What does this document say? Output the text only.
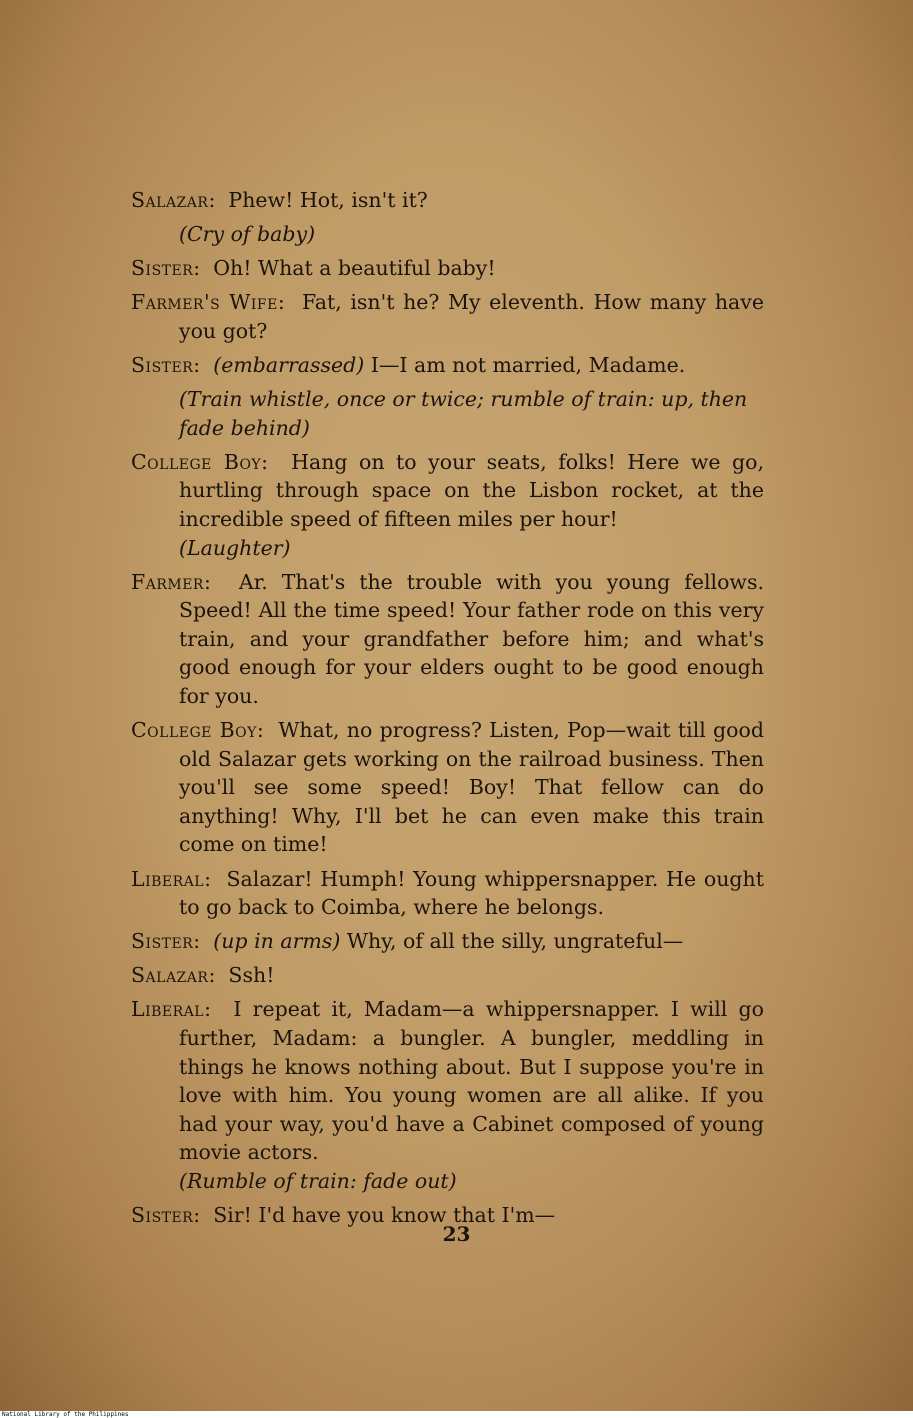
Salazar: Phew! Hot, isn't it?

(Cry of baby)

Sister: Oh! What a beautiful baby!

Farmer's Wife: Fat, isn't he? My eleventh. How many have you got?

Sister: (embarrassed) I—I am not married, Madame.

(Train whistle, once or twice; rumble of train: up, then fade behind)

College Boy: Hang on to your seats, folks! Here we go, hurtling through space on the Lisbon rocket, at the incredible speed of fifteen miles per hour!

(Laughter)

Farmer: Ar. That's the trouble with you young fellows. Speed! All the time speed! Your father rode on this very train, and your grandfather before him; and what's good enough for your elders ought to be good enough for you.

College Boy: What, no progress? Listen, Pop—wait till good old Salazar gets working on the railroad business. Then you'll see some speed! Boy! That fellow can do anything! Why, I'll bet he can even make this train come on time!

Liberal: Salazar! Humph! Young whippersnapper. He ought to go back to Coimba, where he belongs.

Sister: (up in arms) Why, of all the silly, ungrateful—

Salazar: Ssh!

Liberal: I repeat it, Madam—a whippersnapper. I will go further, Madam: a bungler. A bungler, meddling in things he knows nothing about. But I suppose you're in love with him. You young women are all alike. If you had your way, you'd have a Cabinet composed of young movie actors.

(Rumble of train: fade out)

Sister: Sir! I'd have you know that I'm—

23
National Library of the Philippines
